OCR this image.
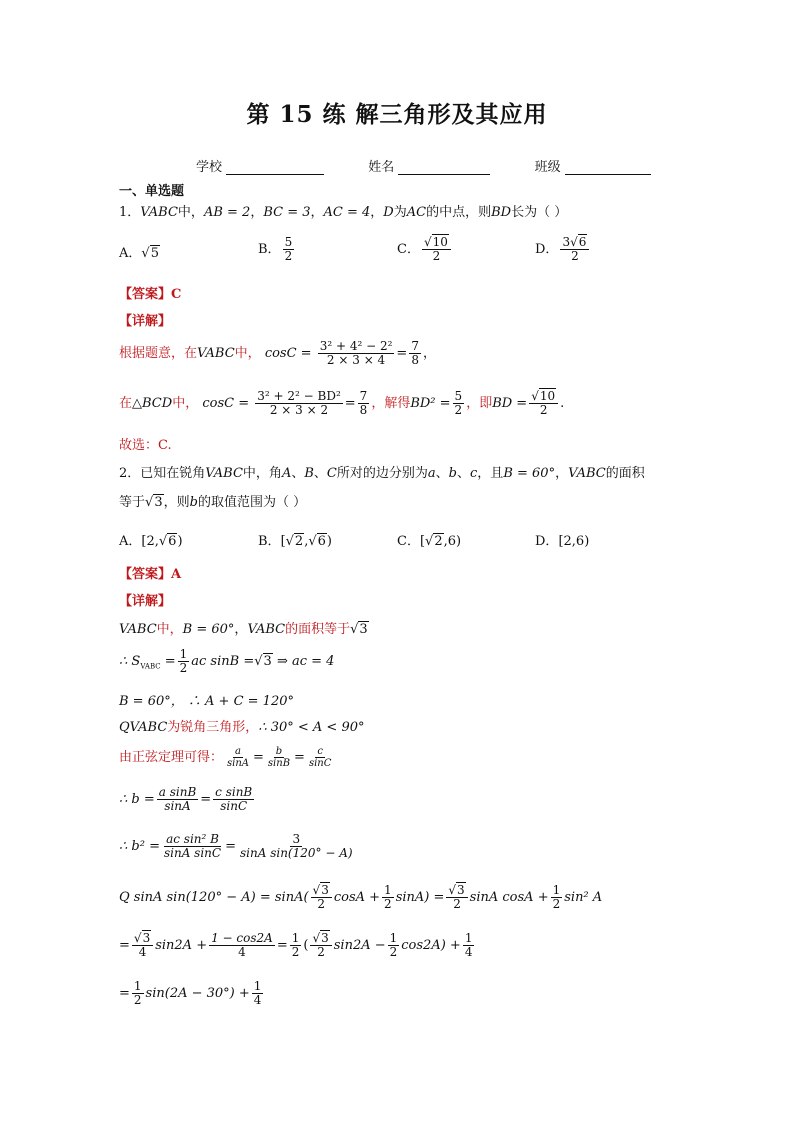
第 15 练 解三角形及其应用
学校	姓名	班级
一、单选题
1．VABC中，AB = 2，BC = 3，AC = 4，D为AC的中点，则BD长为（ ）
A．√5	B． $\frac{5}{2}$	C． $\frac{√10}{2}$	D． $\frac{3√6}{2}$
【答案】C
【详解】
根据题意，在VABC中， $\cos C = \frac{\text{3² + 4² − 2²}}{2 \times 3 \times 4} = \frac{7}{8}$ ，
在△BCD中， $\cos C = \frac{\text{3² + 2² − BD²}}{2 \times 3 \times 2} = \frac{7}{8}$ ，解得$BD^2 = \frac{5}{2}$ ，即BD = $\frac{√10}{2}$ .
故选：C.
2．已知在锐角VABC中，角A、B、C所对的边分别为a、b、c，且B = 60°，VABC的面积
等于√3，则b的取值范围为（ ）
A．[2,√6)	B．[√2,√6)	C．[√2,6)	D．[2,6)
【答案】A
【详解】
VABC中，B = 60°，VABC的面积等于√3
∴ $S_{VABC} = \frac{1}{2}$ ac sinB =√3 ⇒ ac = 4
B = 60°， ∴ A + C = 120°
QVABC为锐角三角形，∴ 30° < A < 90°
由正弦定理可得： $\frac{a}{\sin A} = \frac{b}{\sin B} = \frac{c}{\sin C}$
∴ $b = \frac{\text{a sinB}}{\sin A} = \frac{\text{c sinB}}{\sin C}$
∴ $b^2 = \frac{\text{ac sin² B}}{\text{sinA sinC}} = \frac{3}{\text{sinA sin(120° − A)}}$
Q sinA $\sin(120^\circ - A) = \sin A( \frac{√3}{2}$ $\cos A + \frac{1}{2} \sin A) = \frac{√3}{2}$ sinA $\cos A + \frac{1}{2} \sin^2$ A
= $\frac{√3}{4} \sin 2A + \frac{1 - \cos 2A}{4} = \frac{1}{2}$ ( $\frac{√3}{2} \sin 2A - \frac{1}{2} \cos 2A) + \frac{1}{4}$
= $\frac{1}{2} \sin(2A - 30^\circ) + \frac{1}{4}$
